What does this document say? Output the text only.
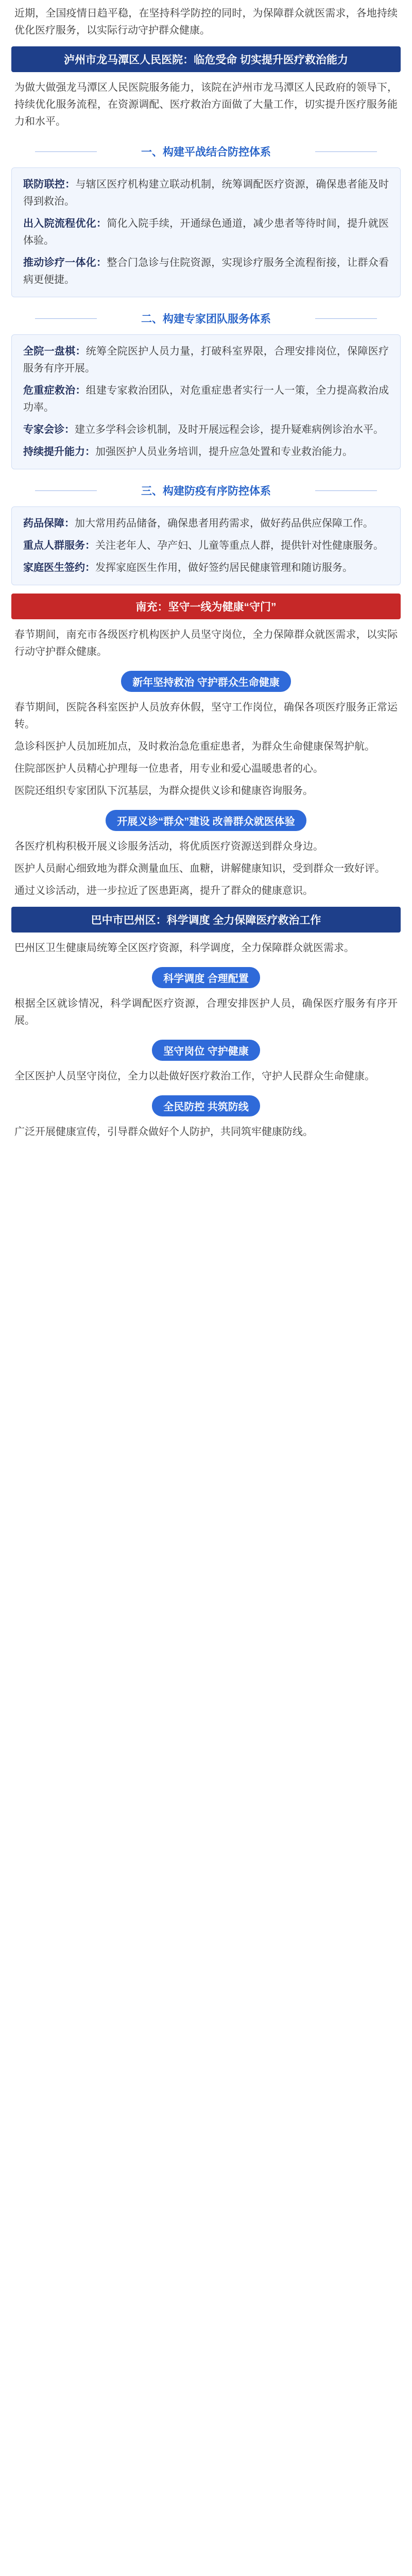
近期，全国疫情日趋平稳，在坚持科学防控的同时，为保障群众就医需求，各地持续优化医疗服务，以实际行动守护群众健康。

泸州市龙马潭区人民医院：临危受命 切实提升医疗救治能力

为做大做强龙马潭区人民医院服务能力，该院在泸州市龙马潭区人民政府的领导下，持续优化服务流程，在资源调配、医疗救治方面做了大量工作，切实提升医疗服务能力和水平。

一、构建平战结合防控体系

联防联控：与辖区医疗机构建立联动机制，统筹调配医疗资源，确保患者能及时得到救治。

出入院流程优化：简化入院手续，开通绿色通道，减少患者等待时间，提升就医体验。

推动诊疗一体化：整合门急诊与住院资源，实现诊疗服务全流程衔接，让群众看病更便捷。

二、构建专家团队服务体系

全院一盘棋：统筹全院医护人员力量，打破科室界限，合理安排岗位，保障医疗服务有序开展。

危重症救治：组建专家救治团队，对危重症患者实行一人一策，全力提高救治成功率。

专家会诊：建立多学科会诊机制，及时开展远程会诊，提升疑难病例诊治水平。

持续提升能力：加强医护人员业务培训，提升应急处置和专业救治能力。

三、构建防疫有序防控体系

药品保障：加大常用药品储备，确保患者用药需求，做好药品供应保障工作。

重点人群服务：关注老年人、孕产妇、儿童等重点人群，提供针对性健康服务。

家庭医生签约：发挥家庭医生作用，做好签约居民健康管理和随访服务。

南充：坚守一线为健康“守门”

春节期间，南充市各级医疗机构医护人员坚守岗位，全力保障群众就医需求，以实际行动守护群众健康。

新年坚持救治 守护群众生命健康

春节期间，医院各科室医护人员放弃休假，坚守工作岗位，确保各项医疗服务正常运转。

急诊科医护人员加班加点，及时救治急危重症患者，为群众生命健康保驾护航。

住院部医护人员精心护理每一位患者，用专业和爱心温暖患者的心。

医院还组织专家团队下沉基层，为群众提供义诊和健康咨询服务。

开展义诊“群众”建设 改善群众就医体验

各医疗机构积极开展义诊服务活动，将优质医疗资源送到群众身边。

医护人员耐心细致地为群众测量血压、血糖，讲解健康知识，受到群众一致好评。

通过义诊活动，进一步拉近了医患距离，提升了群众的健康意识。

巴中市巴州区：科学调度 全力保障医疗救治工作

巴州区卫生健康局统筹全区医疗资源，科学调度，全力保障群众就医需求。

科学调度 合理配置

根据全区就诊情况，科学调配医疗资源，合理安排医护人员，确保医疗服务有序开展。

坚守岗位 守护健康

全区医护人员坚守岗位，全力以赴做好医疗救治工作，守护人民群众生命健康。

全民防控 共筑防线

广泛开展健康宣传，引导群众做好个人防护，共同筑牢健康防线。
